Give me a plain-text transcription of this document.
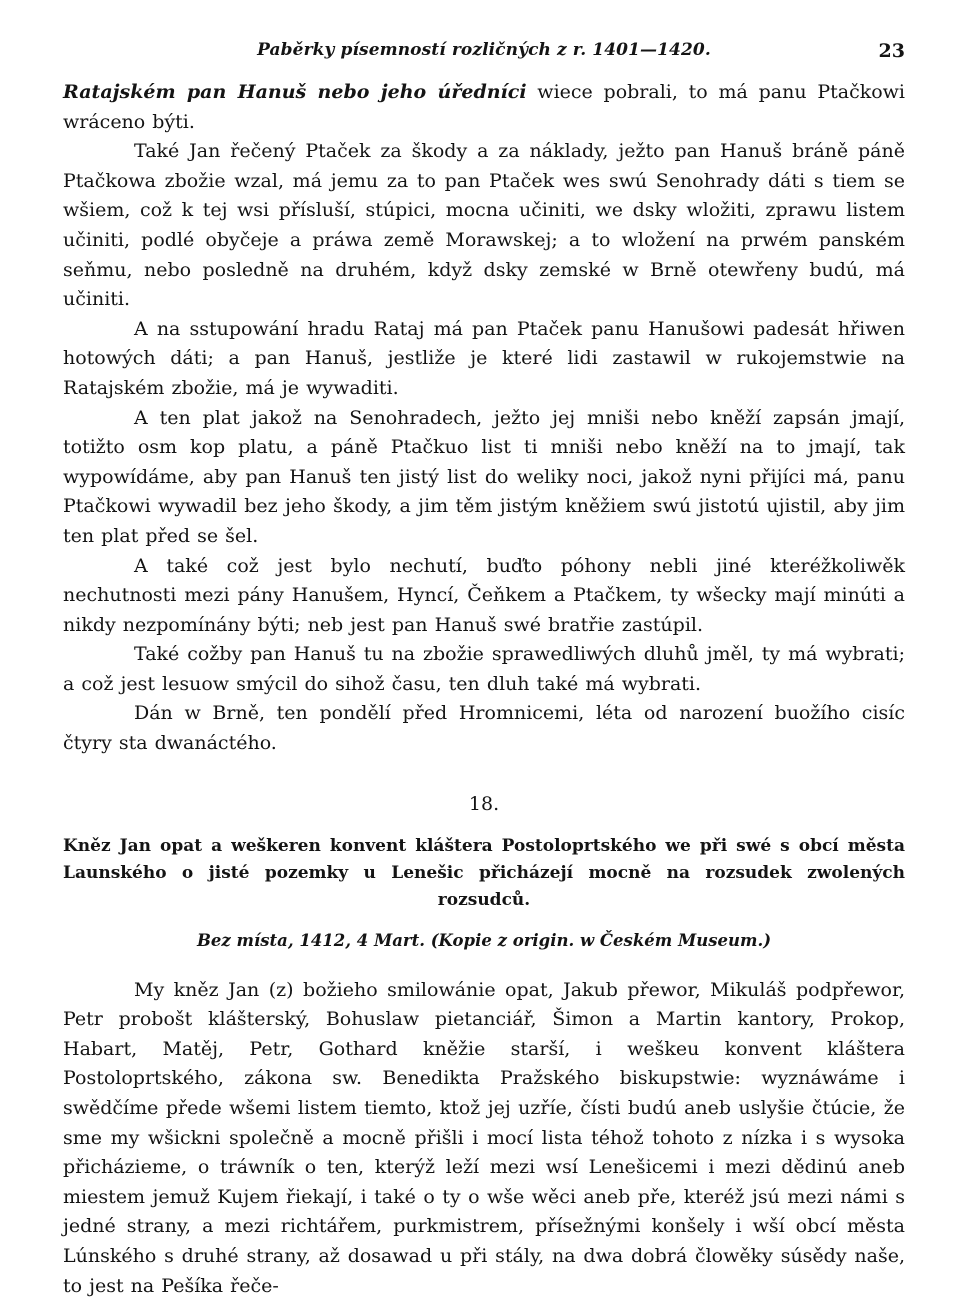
Paběrky písemností rozličných z r. 1401—1420.	23

Ratajském pan Hanuš nebo jeho úředníci wiece pobrali, to má panu Ptačkowi wráceno býti.

Také Jan řečený Ptaček za škody a za náklady, ježto pan Hanuš bráně páně Ptačkowa zbožie wzal, má jemu za to pan Ptaček wes swú Senohrady dáti s tiem se wšiem, což k tej wsi přísluší, stúpici, mocna učiniti, we dsky wložiti, zprawu listem učiniti, podlé obyčeje a práwa země Morawskej; a to wložení na prwém panském seňmu, nebo posledně na druhém, když dsky zemské w Brně otewřeny budú, má učiniti.

A na sstupowání hradu Rataj má pan Ptaček panu Hanušowi padesát hřiwen hotowých dáti; a pan Hanuš, jestliže je které lidi zastawil w rukojemstwie na Ratajském zbožie, má je wywaditi.

A ten plat jakož na Senohradech, ježto jej mniši nebo kněží zapsán jmají, totižto osm kop platu, a páně Ptačkuo list ti mniši nebo kněží na to jmají, tak wypowídáme, aby pan Hanuš ten jistý list do weliky noci, jakož nyni přijíci má, panu Ptačkowi wywadil bez jeho škody, a jim těm jistým kněžiem swú jistotú ujistil, aby jim ten plat před se šel.

A také což jest bylo nechutí, buďto póhony nebli jiné kteréžkoliwěk nechutnosti mezi pány Hanušem, Hyncí, Čeňkem a Ptačkem, ty wšecky mají minúti a nikdy nezpomínány býti; neb jest pan Hanuš swé bratřie zastúpil.

Také cožby pan Hanuš tu na zbožie sprawedliwých dluhů jměl, ty má wybrati; a což jest lesuow smýcil do sihož času, ten dluh také má wybrati.

Dán w Brně, ten pondělí před Hromnicemi, léta od narození buožího cisíc čtyry sta dwanáctého.

18.
Kněz Jan opat a weškeren konvent kláštera Postoloprtského we při swé s obcí města Launského o jisté pozemky u Lenešic přicházejí mocně na rozsudek zwolených rozsudců.
Bez místa, 1412, 4 Mart. (Kopie z origin. w Českém Museum.)

My kněz Jan (z) božieho smilowánie opat, Jakub přewor, Mikuláš podpřewor, Petr probošt klášterský, Bohuslaw pietanciář, Šimon a Martin kantory, Prokop, Habart, Matěj, Petr, Gothard kněžie starší, i weškeu konvent kláštera Postoloprtského, zákona sw. Benedikta Pražského biskupstwie: wyznáwáme i swědčíme přede wšemi listem tiemto, ktož jej uzříe, čísti budú aneb uslyšie čtúcie, že sme my wšickni společně a mocně přišli i mocí lista téhož tohoto z nízka i s wysoka přicházieme, o tráwník o ten, kterýž leží mezi wsí Lenešicemi i mezi dědinú aneb miestem jemuž Kujem řiekají, i také o ty o wše wěci aneb pře, kteréž jsú mezi námi s jedné strany, a mezi richtářem, purkmistrem, přísežnými konšely i wší obcí města Lúnského s druhé strany, až dosawad u při stály, na dwa dobrá člowěky súsědy naše, to jest na Pešíka řeče-
